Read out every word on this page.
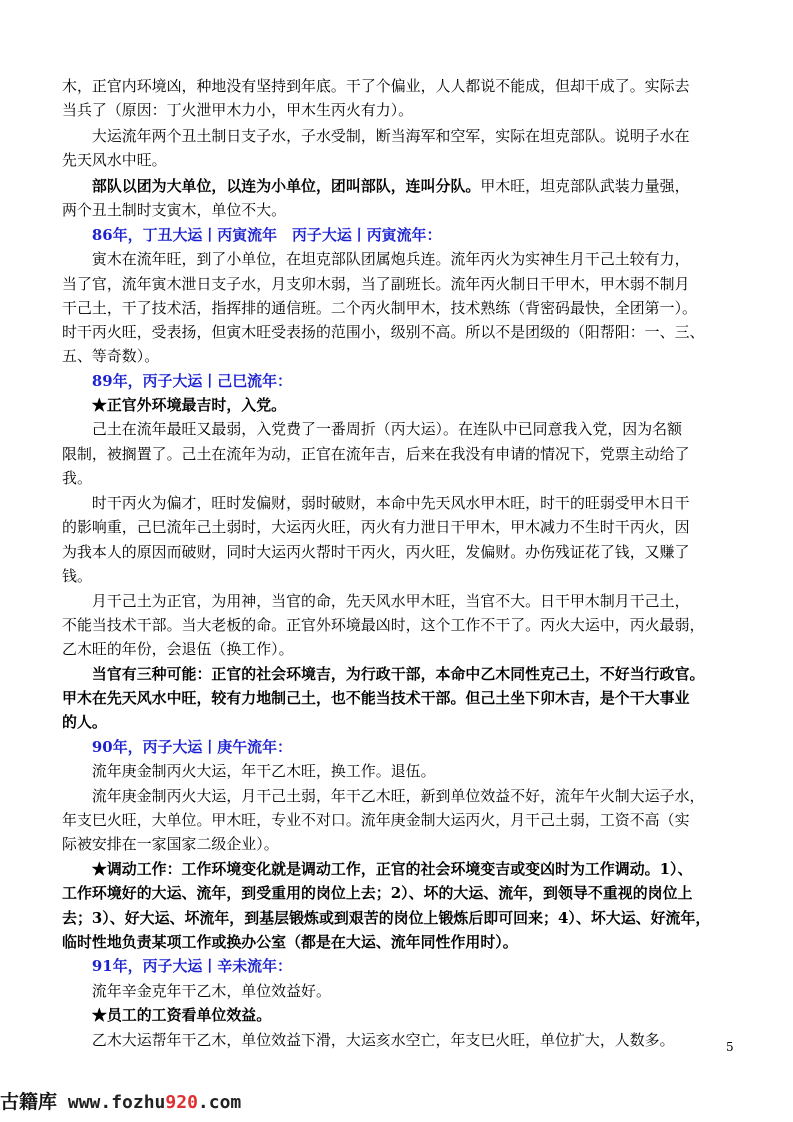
木，正官内环境凶，种地没有坚持到年底。干了个偏业，人人都说不能成，但却干成了。实际去
当兵了（原因：丁火泄甲木力小，甲木生丙火有力）。
　　大运流年两个丑土制日支子水，子水受制，断当海军和空军，实际在坦克部队。说明子水在
先天风水中旺。
　　部队以团为大单位，以连为小单位，团叫部队，连叫分队。甲木旺，坦克部队武装力量强，
两个丑土制时支寅木，单位不大。
　　86年，丁丑大运丨丙寅流年　丙子大运丨丙寅流年：
　　寅木在流年旺，到了小单位，在坦克部队团属炮兵连。流年丙火为实神生月干己土较有力，
当了官，流年寅木泄日支子水，月支卯木弱，当了副班长。流年丙火制日干甲木，甲木弱不制月
干己土，干了技术活，指挥排的通信班。二个丙火制甲木，技术熟练（背密码最快，全团第一）。
时干丙火旺，受表扬，但寅木旺受表扬的范围小，级别不高。所以不是团级的（阳帮阳：一、三、
五、等奇数）。
　　89年，丙子大运丨己巳流年：
　　★正官外环境最吉时，入党。
　　己土在流年最旺又最弱，入党费了一番周折（丙大运）。在连队中已同意我入党，因为名额
限制，被搁置了。己土在流年为动，正官在流年吉，后来在我没有申请的情况下，党票主动给了
我。
　　时干丙火为偏才，旺时发偏财，弱时破财，本命中先天风水甲木旺，时干的旺弱受甲木日干
的影响重，己巳流年己土弱时，大运丙火旺，丙火有力泄日干甲木，甲木减力不生时干丙火，因
为我本人的原因而破财，同时大运丙火帮时干丙火，丙火旺，发偏财。办伤残证花了钱，又赚了
钱。
　　月干己土为正官，为用神，当官的命，先天风水甲木旺，当官不大。日干甲木制月干己土，
不能当技术干部。当大老板的命。正官外环境最凶时，这个工作不干了。丙火大运中，丙火最弱，
乙木旺的年份，会退伍（换工作）。
　　当官有三种可能：正官的社会环境吉，为行政干部，本命中乙木同性克己土，不好当行政官。
甲木在先天风水中旺，较有力地制己土，也不能当技术干部。但己土坐下卯木吉，是个干大事业
的人。
　　90年，丙子大运丨庚午流年：
　　流年庚金制丙火大运，年干乙木旺，换工作。退伍。
　　流年庚金制丙火大运，月干己土弱，年干乙木旺，新到单位效益不好，流年午火制大运子水，
年支巳火旺，大单位。甲木旺，专业不对口。流年庚金制大运丙火，月干己土弱，工资不高（实
际被安排在一家国家二级企业）。
　　★调动工作：工作环境变化就是调动工作，正官的社会环境变吉或变凶时为工作调动。1）、
工作环境好的大运、流年，到受重用的岗位上去；2）、坏的大运、流年，到领导不重视的岗位上
去；3）、好大运、坏流年，到基层锻炼或到艰苦的岗位上锻炼后即可回来；4）、坏大运、好流年，
临时性地负责某项工作或换办公室（都是在大运、流年同性作用时）。
　　91年，丙子大运丨辛未流年：
　　流年辛金克年干乙木，单位效益好。
　　★员工的工资看单位效益。
　　乙木大运帮年干乙木，单位效益下滑，大运亥水空亡，年支巳火旺，单位扩大，人数多。	5
古籍库 www.fozhu920.com
